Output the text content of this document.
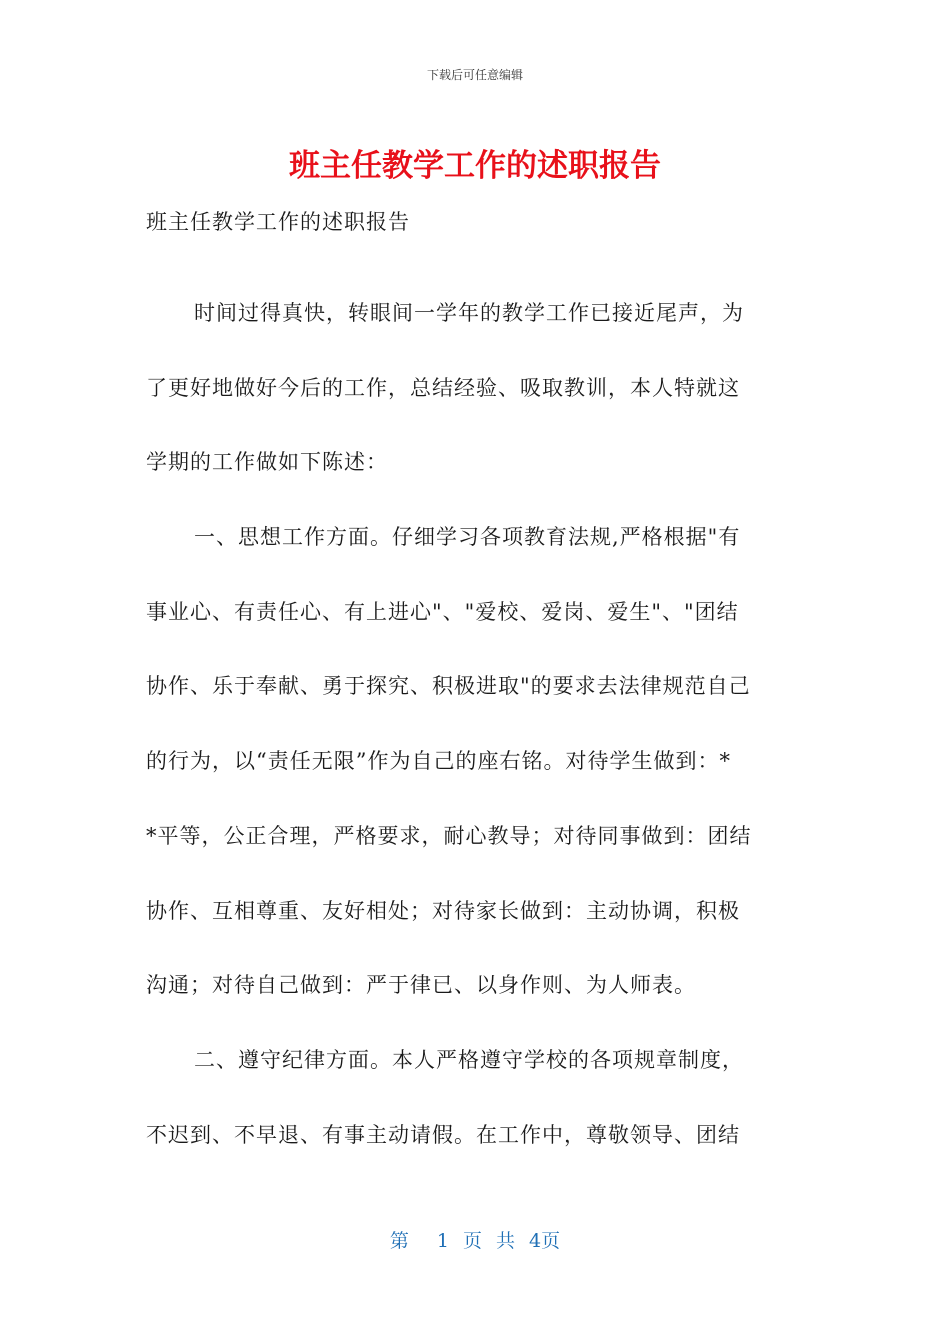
下载后可任意编辑
班主任教学工作的述职报告
班主任教学工作的述职报告
时间过得真快，转眼间一学年的教学工作已接近尾声，为
了更好地做好今后的工作，总结经验、吸取教训，本人特就这
学期的工作做如下陈述：
一、思想工作方面。仔细学习各项教育法规,严格根据"有
事业心、有责任心、有上进心"、"爱校、爱岗、爱生"、"团结
协作、乐于奉献、勇于探究、积极进取"的要求去法律规范自己
的行为，以“责任无限”作为自己的座右铭。对待学生做到：*
*平等，公正合理，严格要求，耐心教导；对待同事做到：团结
协作、互相尊重、友好相处；对待家长做到：主动协调，积极
沟通；对待自己做到：严于律已、以身作则、为人师表。
二、遵守纪律方面。本人严格遵守学校的各项规章制度，
不迟到、不早退、有事主动请假。在工作中，尊敬领导、团结
第 1 页 共 4页
